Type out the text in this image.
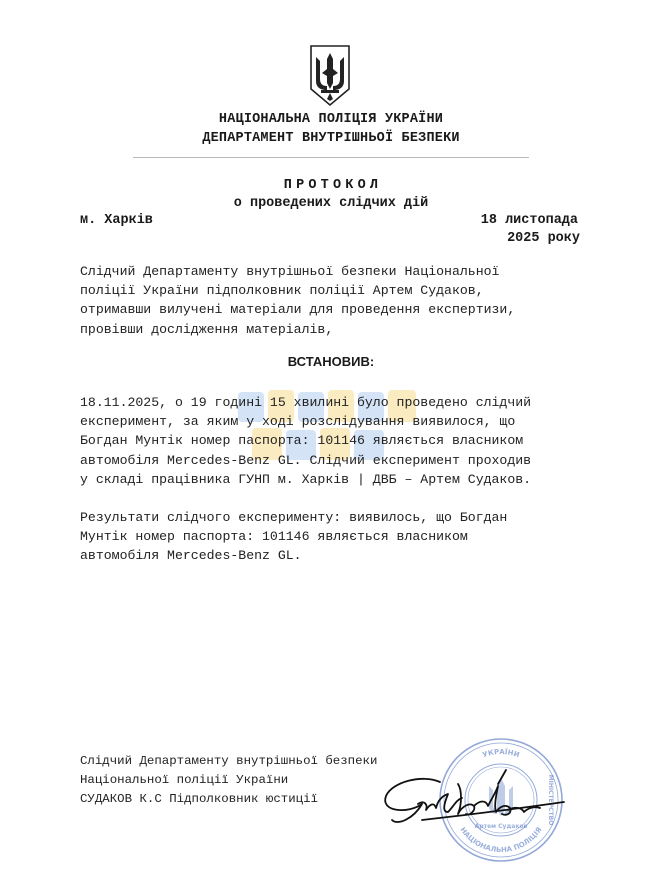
НАЦІОНАЛЬНА ПОЛІЦІЯ УКРАЇНИ
ДЕПАРТАМЕНТ ВНУТРІШНЬОЇ БЕЗПЕКИ
ПРОТОКОЛ
о проведених слідчих дій
м. Харків	18 листопада
2025 року
Слідчий Департаменту внутрішньої безпеки Національної
поліції України підполковник поліції Артем Судаков,
отримавши вилучені матеріали для проведення експертизи,
провівши дослідження матеріалів,
ВСТАНОВИВ:
18.11.2025, о 19 годині 15 хвилині було проведено слідчий
експеримент, за яким у ході розслідування виявилося, що
Богдан Мунтік номер паспорта: 101146 являється власником
автомобіля Mercedes-Benz GL. Слідчий експеримент проходив
у складі працівника ГУНП м. Харків | ДВБ – Артем Судаков.
Результати слідчого експерименту: виявилось, що Богдан
Мунтік номер паспорта: 101146 являється власником
автомобіля Mercedes-Benz GL.
Слідчий Департаменту внутрішньої безпеки
Національної поліції України
СУДАКОВ К.С Підполковник юстиції
УКРАЇНИ
НАЦІОНАЛЬНА ПОЛІЦІЯ
МІНІСТЕРСТВО
Артем Судаков
